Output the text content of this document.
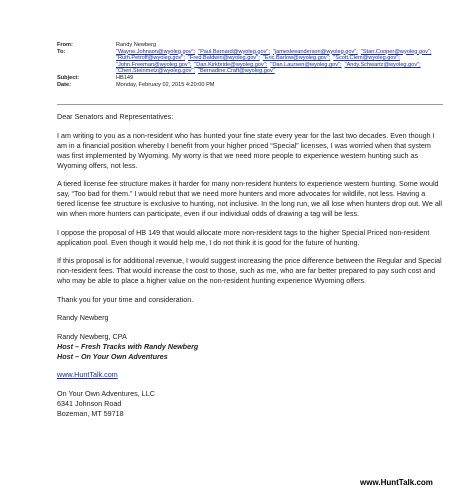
From:	Randy Newberg
To:	"Wayne.Johnson@wyoleg.gov"; "Paul.Barnard@wyoleg.gov"; "jamesleeanderson@wyoleg.gov"; "Stan.Cooper@wyoleg.gov";
"Ruth.Petroff@wyoleg.gov"; "Fred.Baldwin@wyoleg.gov"; "Eric.Barlow@wyoleg.gov"; "Scott.Clem@wyoleg.gov";
"John.Freeman@wyoleg.gov"; "Dan.Kirkbride@wyoleg.gov"; "Dan.Laursen@wyoleg.gov"; "Andy.Schwartz@wyoleg.gov";
"Cheri.Steinmetz@wyoleg.gov"; "Bernadine.Craft@wyoleg.gov"
Subject:	HB149
Date:	Monday, February 02, 2015 4:20:00 PM

Dear Senators and Representatives:

I am writing to you as a non-resident who has hunted your fine state every year for the last two decades. Even though I am in a financial position whereby I benefit from your higher priced “Special” licenses, I was worried when that system was first implemented by Wyoming. My worry is that we need more people to experience western hunting such as Wyoming offers, not less.

A tiered license fee structure makes it harder for many non-resident hunters to experience western hunting. Some would say, “Too bad for them.” I would rebut that we need more hunters and more advocates for wildlife, not less. Having a tiered license fee structure is exclusive to hunting, not inclusive. In the long run, we all lose when hunters drop out. We all win when more hunters can participate, even if our individual odds of drawing a tag will be less.

I oppose the proposal of HB 149 that would allocate more non-resident tags to the higher Special Priced non-resident application pool. Even though it would help me, I do not think it is good for the future of hunting.

If this proposal is for additional revenue, I would suggest increasing the price difference between the Regular and Special non-resident fees. That would increase the cost to those, such as me, who are far better prepared to pay such cost and who may be able to place a higher value on the non-resident hunting experience Wyoming offers.

Thank you for your time and consideration.

Randy Newberg

Randy Newberg, CPA
Host – Fresh Tracks with Randy Newberg
Host – On Your Own Adventures
www.HuntTalk.com
On Your Own Adventures, LLC
6341 Johnson Road
Bozeman, MT 59718
www.HuntTalk.com
